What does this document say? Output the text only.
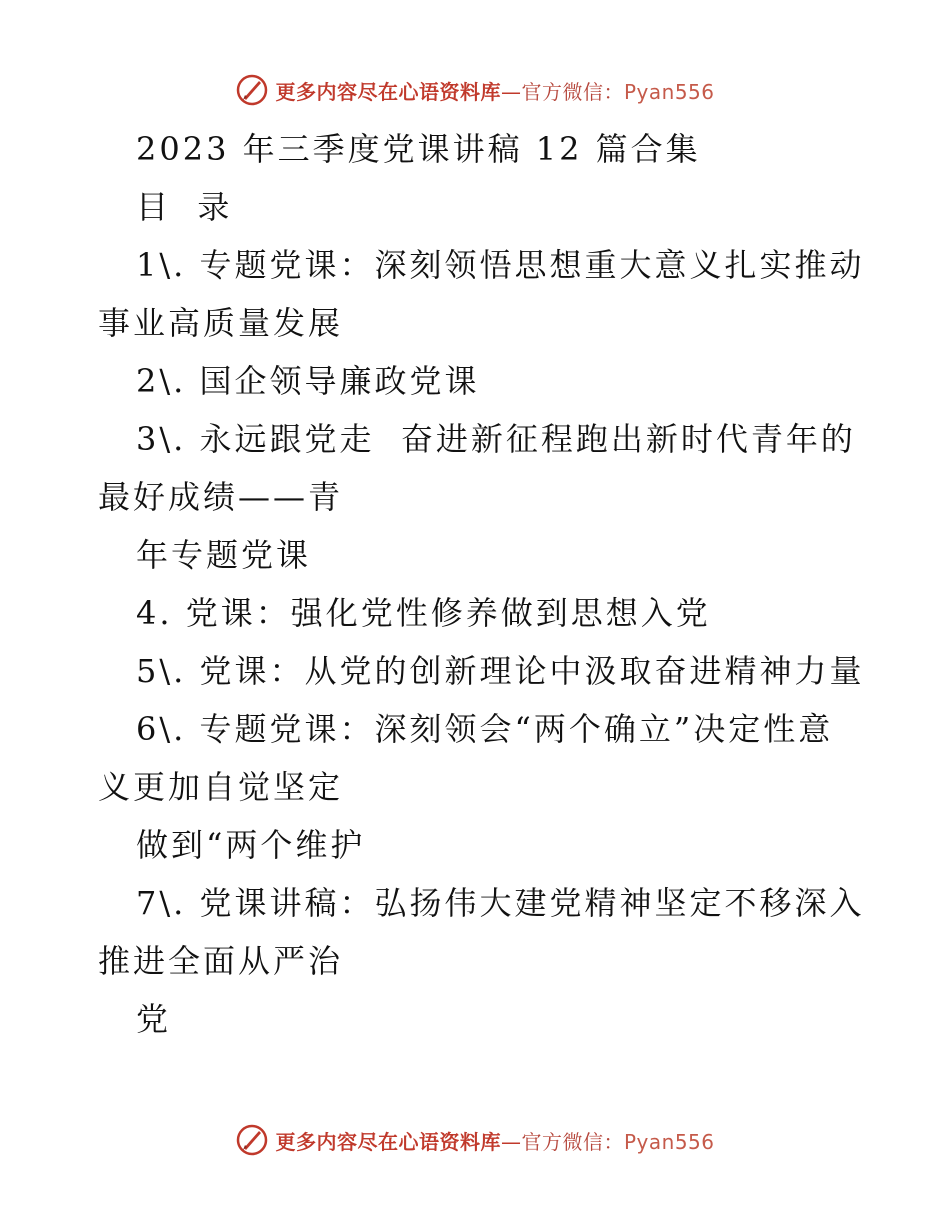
更多内容尽在心语资料库—官方微信：Pyan556
2023 年三季度党课讲稿 12 篇合集
目  录
1\. 专题党课：深刻领悟思想重大意义扎实推动
事业高质量发展
2\. 国企领导廉政党课
3\. 永远跟党走  奋进新征程跑出新时代青年的
最好成绩——青
年专题党课
4. 党课：强化党性修养做到思想入党
5\. 党课：从党的创新理论中汲取奋进精神力量
6\. 专题党课：深刻领会“两个确立”决定性意
义更加自觉坚定
做到“两个维护
7\. 党课讲稿：弘扬伟大建党精神坚定不移深入
推进全面从严治
党
更多内容尽在心语资料库—官方微信：Pyan556
